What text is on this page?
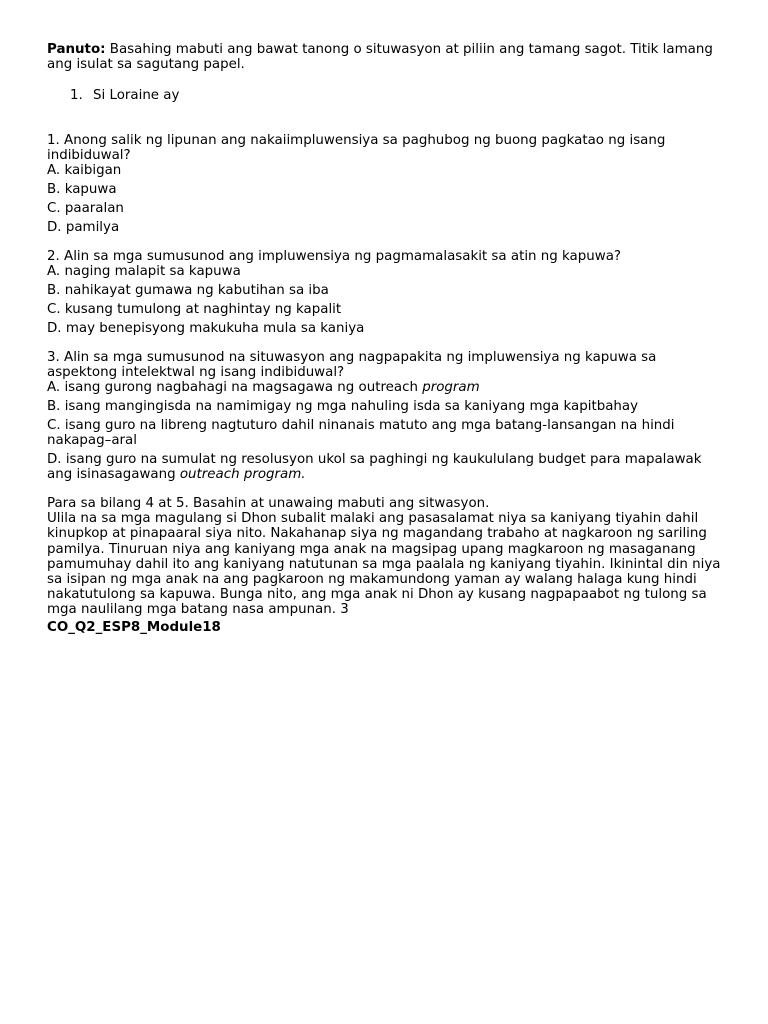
Panuto: Basahing mabuti ang bawat tanong o situwasyon at piliin ang tamang sagot. Titik lamang ang isulat sa sagutang papel.
1. Si Loraine ay
1. Anong salik ng lipunan ang nakaiimpluwensiya sa paghubog ng buong pagkatao ng isang indibiduwal?
A. kaibigan
B. kapuwa
C. paaralan
D. pamilya
2. Alin sa mga sumusunod ang impluwensiya ng pagmamalasakit sa atin ng kapuwa?
A. naging malapit sa kapuwa
B. nahikayat gumawa ng kabutihan sa iba
C. kusang tumulong at naghintay ng kapalit
D. may benepisyong makukuha mula sa kaniya
3. Alin sa mga sumusunod na situwasyon ang nagpapakita ng impluwensiya ng kapuwa sa aspektong intelektwal ng isang indibiduwal?
A. isang gurong nagbahagi na magsagawa ng outreach program
B. isang mangingisda na namimigay ng mga nahuling isda sa kaniyang mga kapitbahay
C. isang guro na libreng nagtuturo dahil ninanais matuto ang mga batang-lansangan na hindi nakapag–aral
D. isang guro na sumulat ng resolusyon ukol sa paghingi ng kaukululang budget para mapalawak ang isinasagawang outreach program.
Para sa bilang 4 at 5. Basahin at unawaing mabuti ang sitwasyon.
Ulila na sa mga magulang si Dhon subalit malaki ang pasasalamat niya sa kaniyang tiyahin dahil kinupkop at pinapaaral siya nito. Nakahanap siya ng magandang trabaho at nagkaroon ng sariling pamilya. Tinuruan niya ang kaniyang mga anak na magsipag upang magkaroon ng masaganang pamumuhay dahil ito ang kaniyang natutunan sa mga paalala ng kaniyang tiyahin. Ikinintal din niya sa isipan ng mga anak na ang pagkaroon ng makamundong yaman ay walang halaga kung hindi nakatutulong sa kapuwa. Bunga nito, ang mga anak ni Dhon ay kusang nagpapaabot ng tulong sa mga naulilang mga batang nasa ampunan. 3
CO_Q2_ESP8_Module18
